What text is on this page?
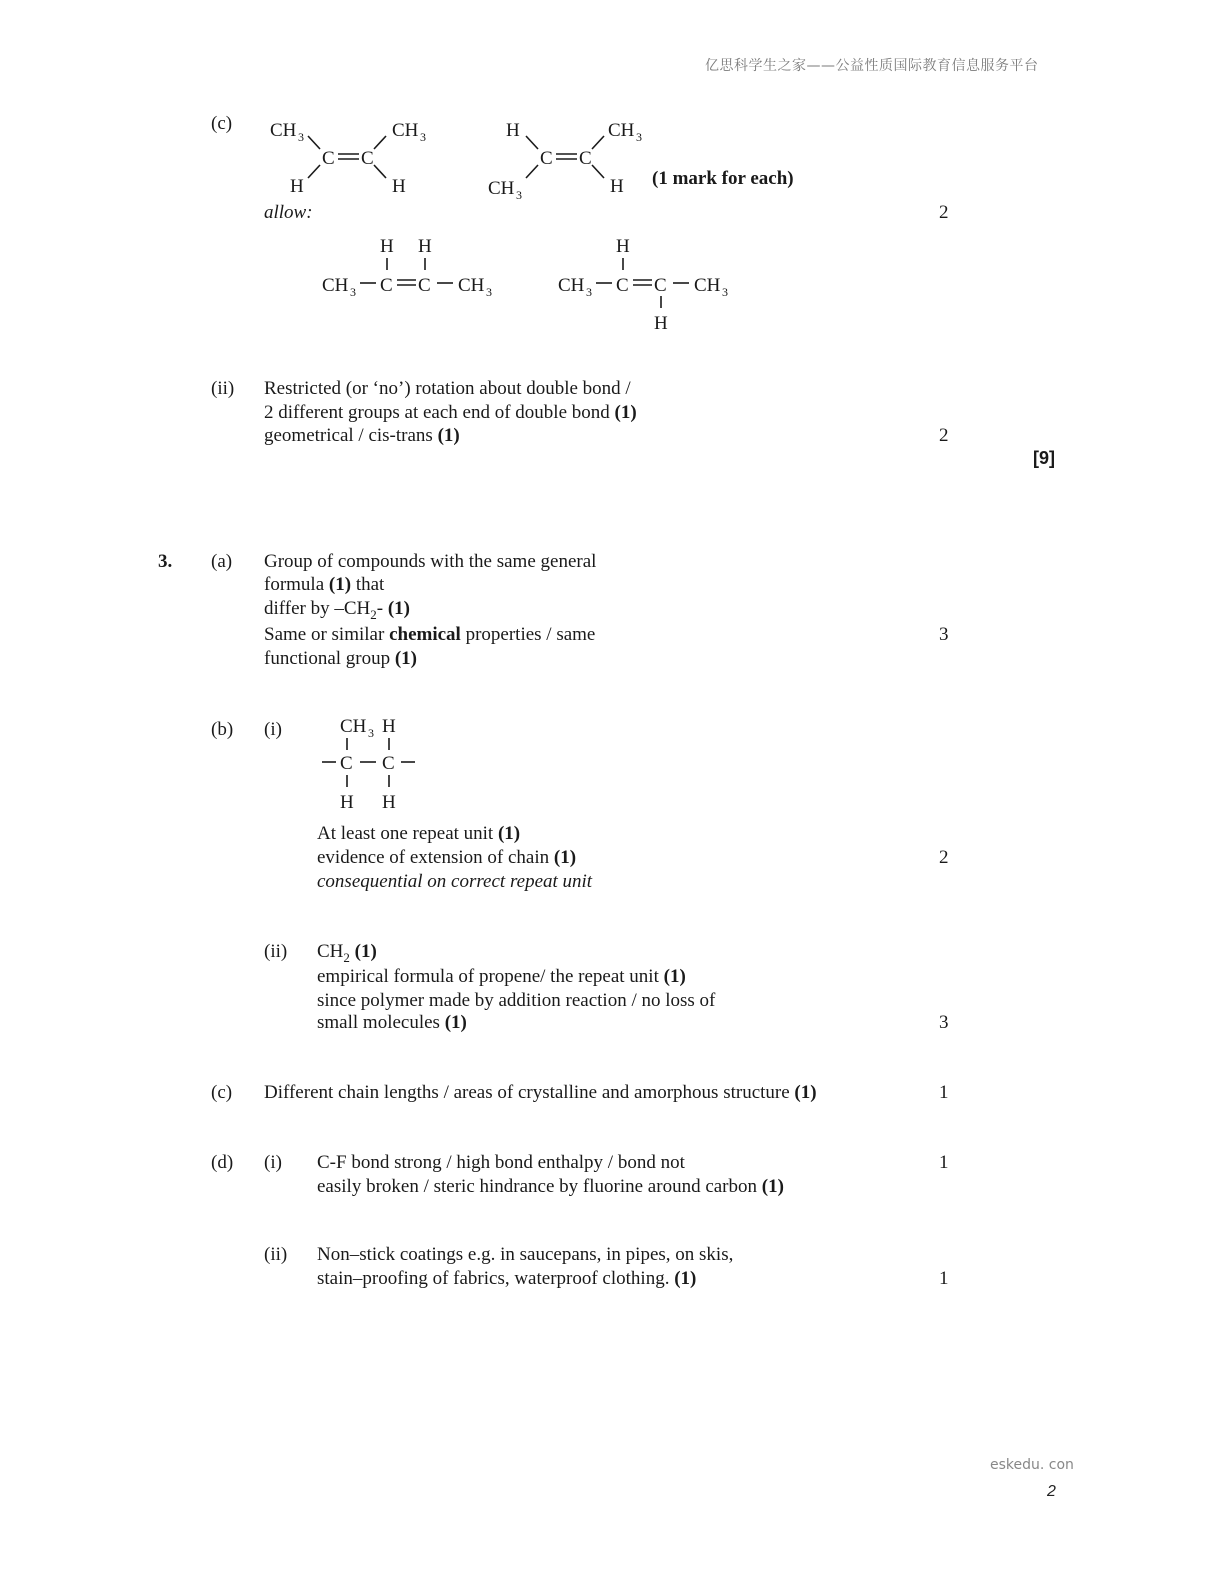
亿思科学生之家——公益性质国际教育信息服务平台
(c) CH 3	CH 3
C C
H	H
H	CH 3
C C
CH 3	H (1 mark for each)
allow:	2
H H
CH 3 C C CH 3
H
CH 3 C C CH 3
H
(ii) Restricted (or ‘no’) rotation about double bond /
2 different groups at each end of double bond (1)
geometrical / cis-trans (1)	2
[9]
3. (a) Group of compounds with the same general
formula (1) that
differ by $-CH_2-$ (1)
Same or similar chemical properties / same	3
functional group (1)
(b) (i)	CH 3 H
C C
H H
At least one repeat unit (1)
evidence of extension of chain (1)	2
consequential on correct repeat unit
(ii) $CH_2$ (1)
empirical formula of propene/ the repeat unit (1)
since polymer made by addition reaction / no loss of
small molecules (1)	3
(c) Different chain lengths / areas of crystalline and amorphous structure (1)	1
(d) (i) C-F bond strong / high bond enthalpy / bond not	1
easily broken / steric hindrance by fluorine around carbon (1)
(ii) Non–stick coatings e.g. in saucepans, in pipes, on skis,
stain–proofing of fabrics, waterproof clothing. (1)	1
eskedu. con
2
